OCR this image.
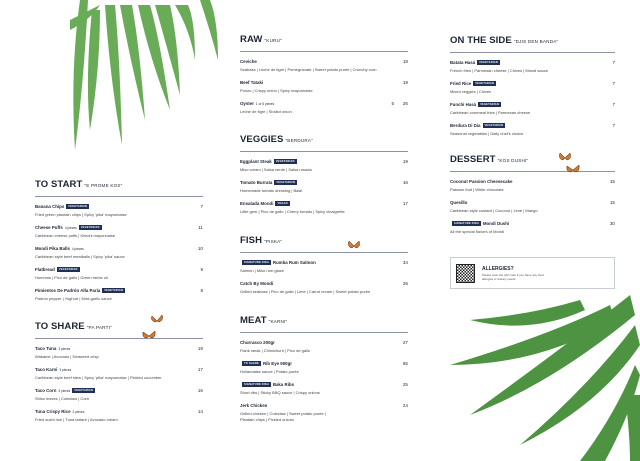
TO START "E PROME KOS"
Banana Chips VEGETARIAN
Fried green plantain chips | Spicy 'pika' mayonnaise
7
Cheese Puffs 4 pieces VEGETARIAN
Caribbean cheese puffs | Kimchi mayonnaise
11
Mondi Pika Balls 4 pieces
Caribbean style beef meatballs | Spicy 'pika' sauce
10
Flatbread VEGETARIAN
Hummus | Pico de gallo | Green herbs oil
9
Pimientos De Padrón Alla Paria VEGETARIAN
Padrón pepper | Yoghurt | Mint-garlic sauce
8
TO SHARE "PA PARTI"
Taco Tuna 3 pieces
Wakame | Avocado | Seaweed crisp
19
Taco Karni 3 pieces
Caribbean style beef stew | Spicy 'pika' mayonnaise | Pickled cucumber
17
Taco Corn 3 pieces VEGETARIAN
Shiso leaves | Coleslaw | Corn
16
Tuna Crispy Rice 3 pieces
Fried sushi rice | Tuna tartare | Avocado cream
14
RAW "KURU"
Ceviche
Seabass | Leche de tigre | Pomegranate | Sweet potato purée | Crunchy corn
18
Beef Tataki
Ponzu | Crispy onion | Spicy mayonnaise
19
Oyster 1 or 6 pieces
Leche de tigre | Shallot onion
5 26
VEGGIES "BERDURA"
Eggplant Steak VEGETARIAN
Miso cream | Salsa verde | Salsa rosada
19
Tomato Burrata VEGETARIAN
Homemade tomato dressing | Basil
16
Ensalada Mondi VEGAN
Little gem | Pico de gallo | Cherry tomato | Spicy vinaigrette
17
FISH "PISKA"
SIGNATURE DISH Rumba Rum Salmon
Salmon | Miso rum glaze
34
Catch By Mondi
Grilled seabass | Pico de gallo | Lime | Carrot cream | Sweet potato purée
26
MEAT "KARNI"
Churrasco 200gr
Flank steak | Chimichurri | Pico de gallo
27
TO SHARE Rib Eye 500gr
Hollandaise sauce | Potato purée
65
SIGNATURE DISH Baka Ribs
Short ribs | Sticky BBQ sauce | Crispy onions
25
Jerk Chicken
Grilled chicken | Coleslaw | Sweet potato purée |
Plantain chips | Pickled onions
24
ON THE SIDE "DJIS DEN BANDA"
Batata Hasá VEGETARIAN
French fries | Parmesan cheese | Chives | Mondi sauce
7
Fried Rice VEGETARIAN
Mixed veggies | Chives
7
Funchi Hasá VEGETARIAN
Caribbean cornmeal fries | Parmesan cheese
7
Berdura Di Dia VEGETARIAN
Seasonal vegetables | Daily chef's choice
7
DESSERT "KOS DUSHI"
Coconut Passion Cheesecake
Passion fruit | White chocolate
15
Quesillo
Caribbean style custard | Coconut | Lime | Mango
15
SIGNATURE DISH Mondi Dushi
All the special flavors of Mondi
30
ALLERGIES?
Please scan the QR code if you have any food allergies or dietary needs
